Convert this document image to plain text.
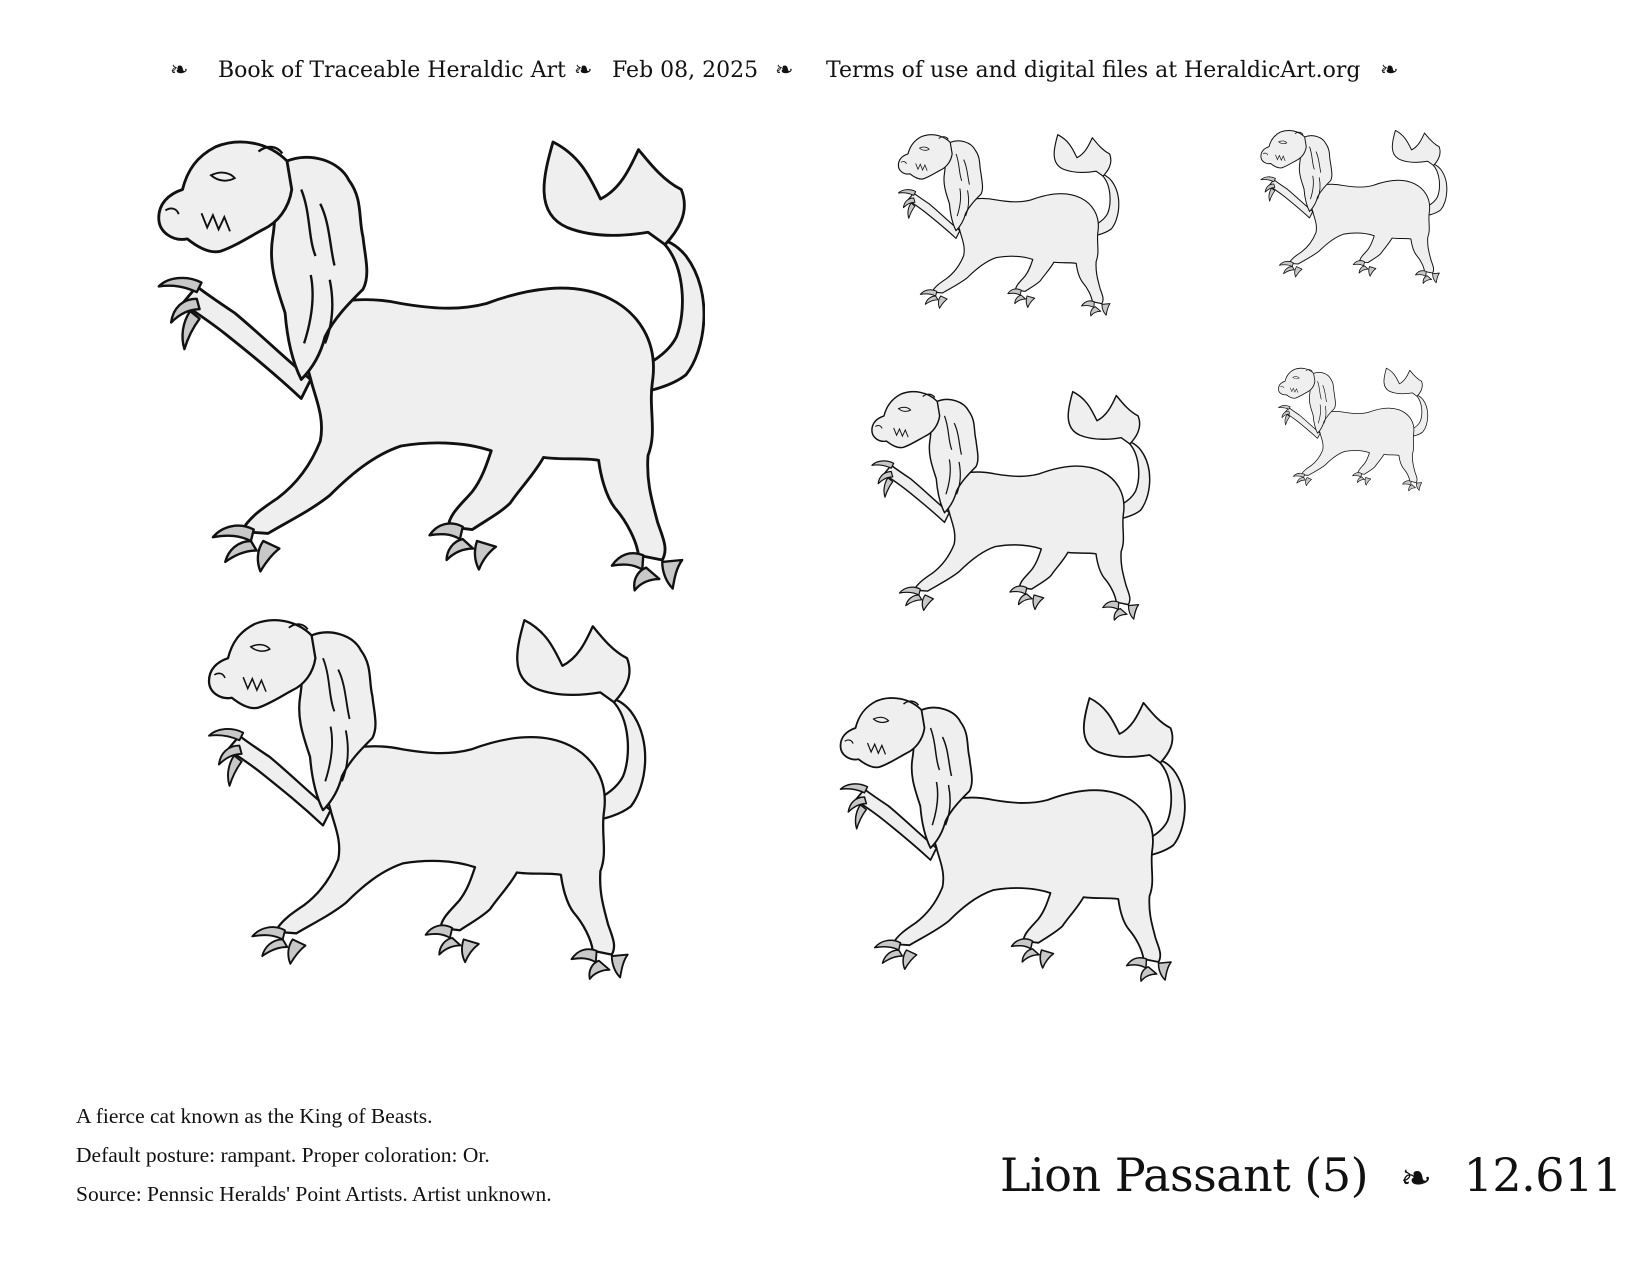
❧ Book of Traceable Heraldic Art ❧ Feb 08, 2025 ❧ Terms of use and digital files at HeraldicArt.org ❧
A fierce cat known as the King of Beasts.
Default posture: rampant. Proper coloration: Or.
Source: Pennsic Heralds' Point Artists. Artist unknown.	Lion Passant (5) ❧ 12.611
